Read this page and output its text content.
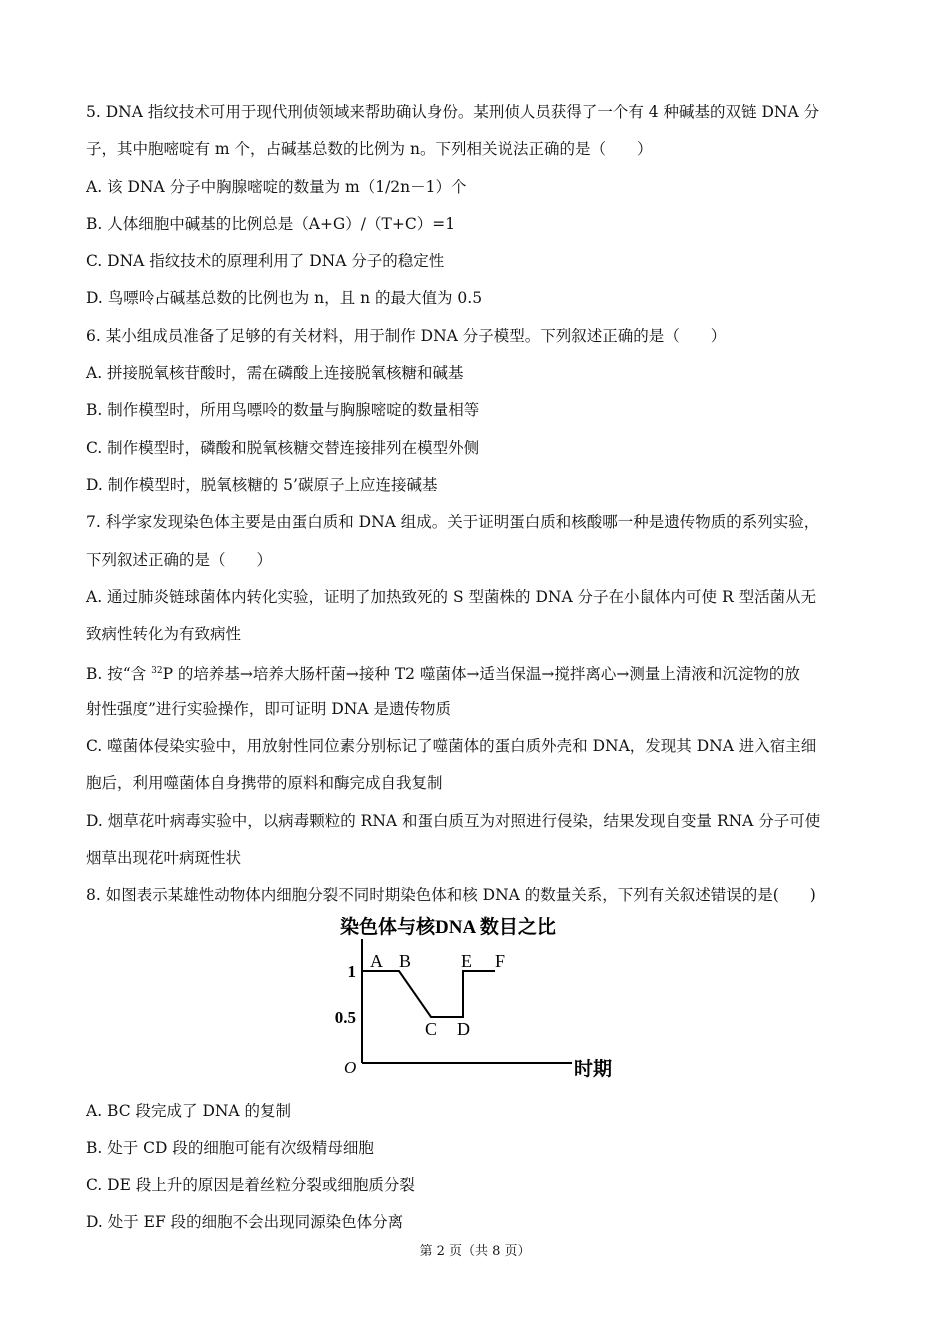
5. DNA 指纹技术可用于现代刑侦领域来帮助确认身份。某刑侦人员获得了一个有 4 种碱基的双链 DNA 分
子，其中胞嘧啶有 m 个，占碱基总数的比例为 n。下列相关说法正确的是（　　）
A. 该 DNA 分子中胸腺嘧啶的数量为 m（1/2n－1）个
B. 人体细胞中碱基的比例总是（A+G）/（T+C）=1
C. DNA 指纹技术的原理利用了 DNA 分子的稳定性
D. 鸟嘌呤占碱基总数的比例也为 n，且 n 的最大值为 0.5
6. 某小组成员准备了足够的有关材料，用于制作 DNA 分子模型。下列叙述正确的是（　　）
A. 拼接脱氧核苷酸时，需在磷酸上连接脱氧核糖和碱基
B. 制作模型时，所用鸟嘌呤的数量与胸腺嘧啶的数量相等
C. 制作模型时，磷酸和脱氧核糖交替连接排列在模型外侧
D. 制作模型时，脱氧核糖的 5’碳原子上应连接碱基
7. 科学家发现染色体主要是由蛋白质和 DNA 组成。关于证明蛋白质和核酸哪一种是遗传物质的系列实验，
下列叙述正确的是（　　）
A. 通过肺炎链球菌体内转化实验，证明了加热致死的 S 型菌株的 DNA 分子在小鼠体内可使 R 型活菌从无
致病性转化为有致病性
B. 按“含 $^{32}$P 的培养基→培养大肠杆菌→接种 T2 噬菌体→适当保温→搅拌离心→测量上清液和沉淀物的放
射性强度”进行实验操作，即可证明 DNA 是遗传物质
C. 噬菌体侵染实验中，用放射性同位素分别标记了噬菌体的蛋白质外壳和 DNA，发现其 DNA 进入宿主细
胞后，利用噬菌体自身携带的原料和酶完成自我复制
D. 烟草花叶病毒实验中，以病毒颗粒的 RNA 和蛋白质互为对照进行侵染，结果发现自变量 RNA 分子可使
烟草出现花叶病斑性状
8. 如图表示某雄性动物体内细胞分裂不同时期染色体和核 DNA 的数量关系，下列有关叙述错误的是(　　)
染色体与核DNA 数目之比
O	时期
1
0.5
A B
C D
E F
A. BC 段完成了 DNA 的复制
B. 处于 CD 段的细胞可能有次级精母细胞
C. DE 段上升的原因是着丝粒分裂或细胞质分裂
D. 处于 EF 段的细胞不会出现同源染色体分离
第 2 页（共 8 页）
